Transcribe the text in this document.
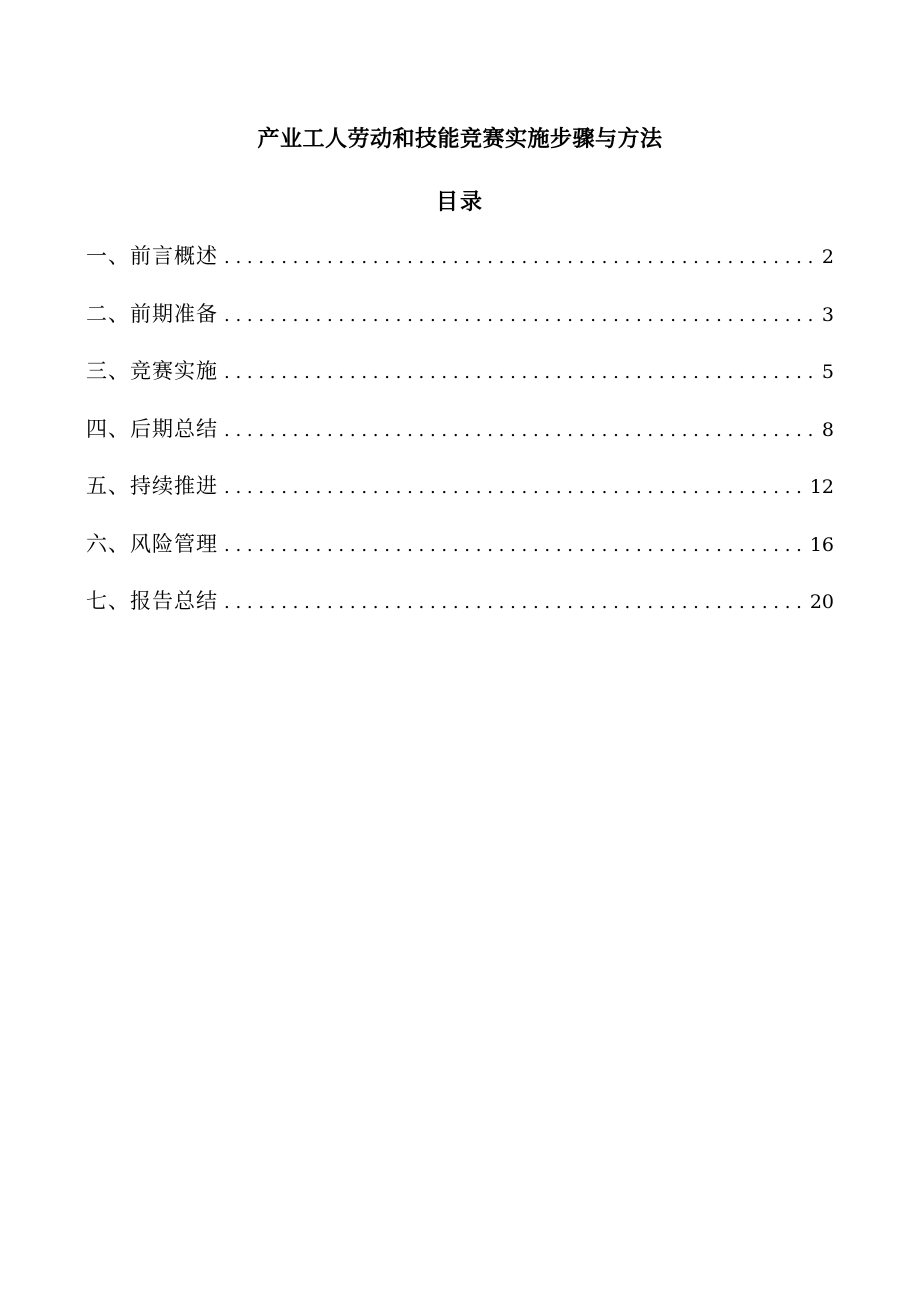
产业工人劳动和技能竞赛实施步骤与方法
目录
一、前言概述 . . .	2
二、前期准备 . . .	3
三、竞赛实施 . . .	5
四、后期总结 . . .	8
五、持续推进 . . .	12
六、风险管理 . . .	16
七、报告总结 . . .	20
